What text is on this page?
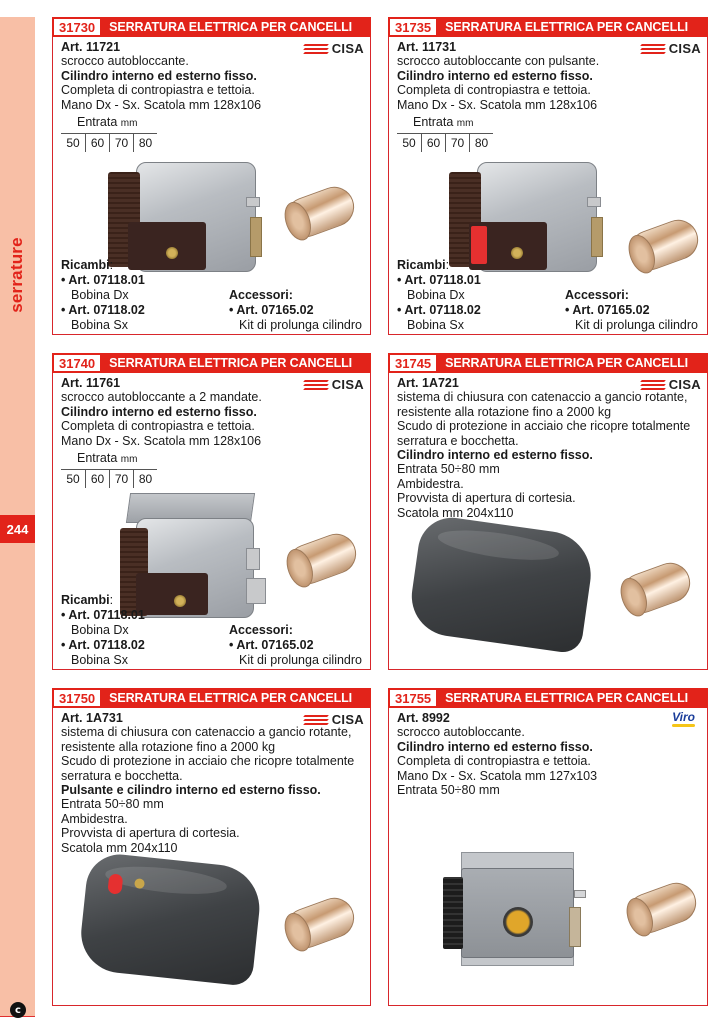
serrature
244
c
31730	SERRATURA ELETTRICA PER CANCELLI
CISA
Art. 11721
scrocco autobloccante.
Cilindro interno ed esterno fisso.
Completa di contropiastra e tettoia.
Mano Dx - Sx. Scatola mm 128x106
Entrata mm
50 60 70 80
Ricambi:
• Art. 07118.01
Bobina Dx
• Art. 07118.02
Bobina Sx
Accessori:
• Art. 07165.02
Kit di prolunga cilindro
31735	SERRATURA ELETTRICA PER CANCELLI
CISA
Art. 11731
scrocco autobloccante con pulsante.
Cilindro interno ed esterno fisso.
Completa di contropiastra e tettoia.
Mano Dx - Sx. Scatola mm 128x106
Entrata mm
50 60 70 80
Ricambi:
• Art. 07118.01
Bobina Dx
• Art. 07118.02
Bobina Sx
Accessori:
• Art. 07165.02
Kit di prolunga cilindro
31740	SERRATURA ELETTRICA PER CANCELLI
CISA
Art. 11761
scrocco autobloccante a 2 mandate.
Cilindro interno ed esterno fisso.
Completa di contropiastra e tettoia.
Mano Dx - Sx. Scatola mm 128x106
Entrata mm
50 60 70 80
Ricambi:
• Art. 07118.01
Bobina Dx
• Art. 07118.02
Bobina Sx
Accessori:
• Art. 07165.02
Kit di prolunga cilindro
31745	SERRATURA ELETTRICA PER CANCELLI
CISA
Art. 1A721
sistema di chiusura con catenaccio a gancio rotante,
resistente alla rotazione fino a 2000 kg
Scudo di protezione in acciaio che ricopre totalmente
serratura e bocchetta.
Cilindro interno ed esterno fisso.
Entrata 50÷80 mm
Ambidestra.
Provvista di apertura di cortesia.
Scatola mm 204x110
31750	SERRATURA ELETTRICA PER CANCELLI
CISA
Art. 1A731
sistema di chiusura con catenaccio a gancio rotante,
resistente alla rotazione fino a 2000 kg
Scudo di protezione in acciaio che ricopre totalmente
serratura e bocchetta.
Pulsante e cilindro interno ed esterno fisso.
Entrata 50÷80 mm
Ambidestra.
Provvista di apertura di cortesia.
Scatola mm 204x110
31755	SERRATURA ELETTRICA PER CANCELLI
Viro
Art. 8992
scrocco autobloccante.
Cilindro interno ed esterno fisso.
Completa di contropiastra e tettoia.
Mano Dx - Sx. Scatola mm 127x103
Entrata 50÷80 mm
